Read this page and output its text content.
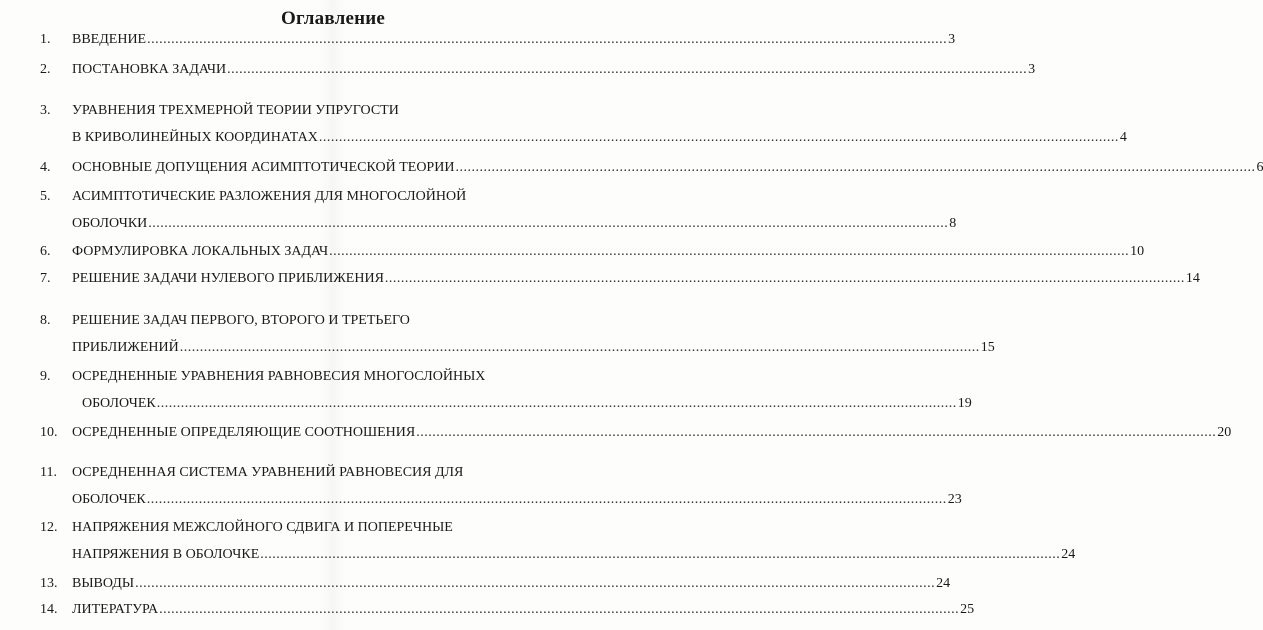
Оглавление
1. ВВЕДЕНИЕ ........................................................................................................................................................................................................ 3
2. ПОСТАНОВКА ЗАДАЧИ ........................................................................................................................................................................................................ 3
3. УРАВНЕНИЯ ТРЕХМЕРНОЙ ТЕОРИИ УПРУГОСТИ
В КРИВОЛИНЕЙНЫХ КООРДИНАТАХ ........................................................................................................................................................................................................ 4
4. ОСНОВНЫЕ ДОПУЩЕНИЯ АСИМПТОТИЧЕСКОЙ ТЕОРИИ ........................................................................................................................................................................................................ 6
5. АСИМПТОТИЧЕСКИЕ РАЗЛОЖЕНИЯ ДЛЯ МНОГОСЛОЙНОЙ
ОБОЛОЧКИ ........................................................................................................................................................................................................ 8
6. ФОРМУЛИРОВКА ЛОКАЛЬНЫХ ЗАДАЧ ........................................................................................................................................................................................................ 10
7. РЕШЕНИЕ ЗАДАЧИ НУЛЕВОГО ПРИБЛИЖЕНИЯ ........................................................................................................................................................................................................ 14
8. РЕШЕНИЕ ЗАДАЧ ПЕРВОГО, ВТОРОГО И ТРЕТЬЕГО
ПРИБЛИЖЕНИЙ ........................................................................................................................................................................................................ 15
9. ОСРЕДНЕННЫЕ УРАВНЕНИЯ РАВНОВЕСИЯ МНОГОСЛОЙНЫХ
ОБОЛОЧЕК ........................................................................................................................................................................................................ 19
10. ОСРЕДНЕННЫЕ ОПРЕДЕЛЯЮЩИЕ СООТНОШЕНИЯ ........................................................................................................................................................................................................ 20
11. ОСРЕДНЕННАЯ СИСТЕМА УРАВНЕНИЙ РАВНОВЕСИЯ ДЛЯ
ОБОЛОЧЕК ........................................................................................................................................................................................................ 23
12. НАПРЯЖЕНИЯ МЕЖСЛОЙНОГО СДВИГА И ПОПЕРЕЧНЫЕ
НАПРЯЖЕНИЯ В ОБОЛОЧКЕ ........................................................................................................................................................................................................ 24
13. ВЫВОДЫ ........................................................................................................................................................................................................ 24
14. ЛИТЕРАТУРА ........................................................................................................................................................................................................ 25
